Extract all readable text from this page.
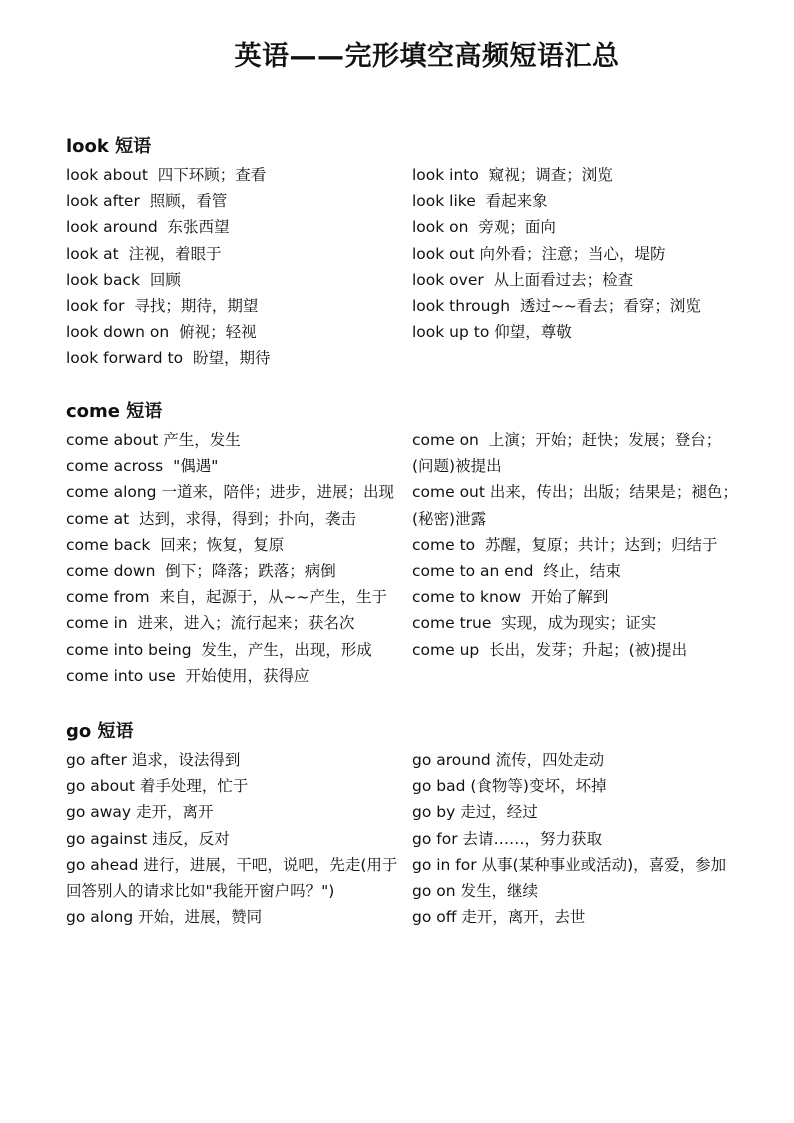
英语——完形填空高频短语汇总
look 短语
look about  四下环顾；查看
look after  照顾，看管
look around  东张西望
look at  注视，着眼于
look back  回顾
look for  寻找；期待，期望
look down on  俯视；轻视
look forward to  盼望，期待
look into  窥视；调查；浏览
look like  看起来象
look on  旁观；面向
look out 向外看；注意；当心，堤防
look over  从上面看过去；检查
look through  透过~~看去；看穿；浏览
look up to 仰望，尊敬
come 短语
come about 产生，发生
come across  "偶遇"
come along 一道来，陪伴；进步，进展；出现
come at  达到，求得，得到；扑向，袭击
come back  回来；恢复，复原
come down  倒下；降落；跌落；病倒
come from  来自，起源于，从~~产生，生于
come in  进来，进入；流行起来；获名次
come into being  发生，产生，出现，形成
come into use  开始使用，获得应
come on  上演；开始；赶快；发展；登台；(问题)被提出
come out 出来，传出；出版；结果是；褪色；(秘密)泄露
come to  苏醒，复原；共计；达到；归结于
come to an end  终止，结束
come to know  开始了解到
come true  实现，成为现实；证实
come up  长出，发芽；升起；(被)提出
go 短语
go after 追求，设法得到
go about 着手处理，忙于
go away 走开，离开
go against 违反，反对
go ahead 进行，进展，干吧，说吧，先走(用于回答别人的请求比如"我能开窗户吗？")
go along 开始，进展，赞同
go around 流传，四处走动
go bad (食物等)变坏，坏掉
go by 走过，经过
go for 去请……，努力获取
go in for 从事(某种事业或活动)，喜爱，参加
go on 发生，继续
go off 走开，离开，去世
